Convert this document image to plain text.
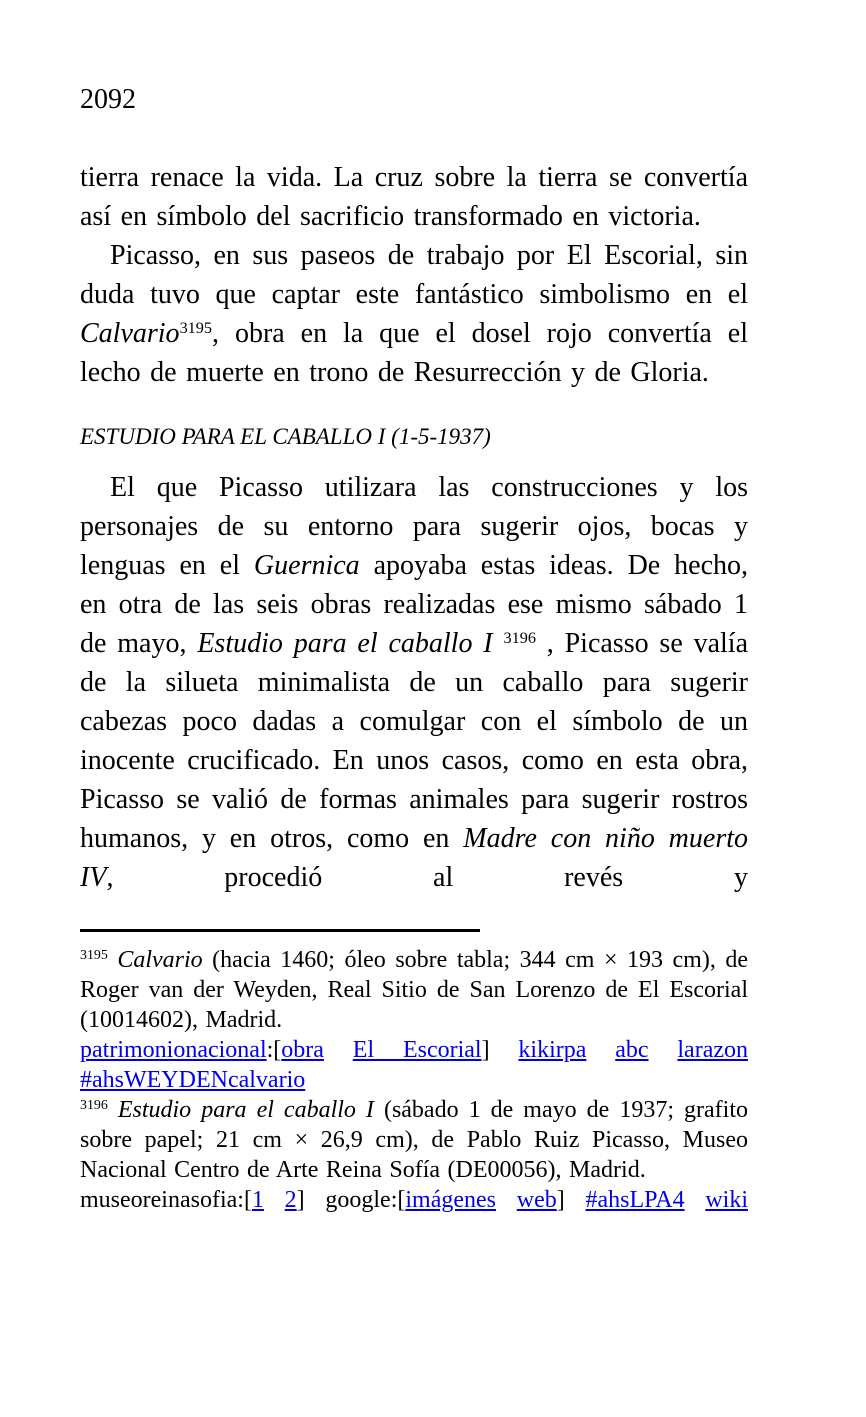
2092

tierra renace la vida. La cruz sobre la tierra se convertía así en símbolo del sacrificio transformado en victoria.

Picasso, en sus paseos de trabajo por El Escorial, sin duda tuvo que captar este fantástico simbolismo en el Calvario$^{3195}$, obra en la que el dosel rojo convertía el lecho de muerte en trono de Resurrección y de Gloria.

ESTUDIO PARA EL CABALLO I (1-5-1937)

El que Picasso utilizara las construcciones y los personajes de su entorno para sugerir ojos, bocas y lenguas en el Guernica apoyaba estas ideas. De hecho, en otra de las seis obras realizadas ese mismo sábado 1 de mayo, Estudio para el caballo I $^{3196}$ , Picasso se valía de la silueta minimalista de un caballo para sugerir cabezas poco dadas a comulgar con el símbolo de un inocente crucificado. En unos casos, como en esta obra, Picasso se valió de formas animales para sugerir rostros humanos, y en otros, como en Madre con niño muerto IV, procedió al revés y

$^{3195}$ Calvario (hacia 1460; óleo sobre tabla; 344 cm × 193 cm), de Roger van der Weyden, Real Sitio de San Lorenzo de El Escorial (10014602), Madrid.

patrimonionacional:[obra El Escorial] kikirpa abc larazon

#ahsWEYDENcalvario

$^{3196}$ Estudio para el caballo I (sábado 1 de mayo de 1937; grafito sobre papel; 21 cm × 26,9 cm), de Pablo Ruiz Picasso, Museo Nacional Centro de Arte Reina Sofía (DE00056), Madrid.

museoreinasofia:[1 2] google:[imágenes web] #ahsLPA4 wiki
